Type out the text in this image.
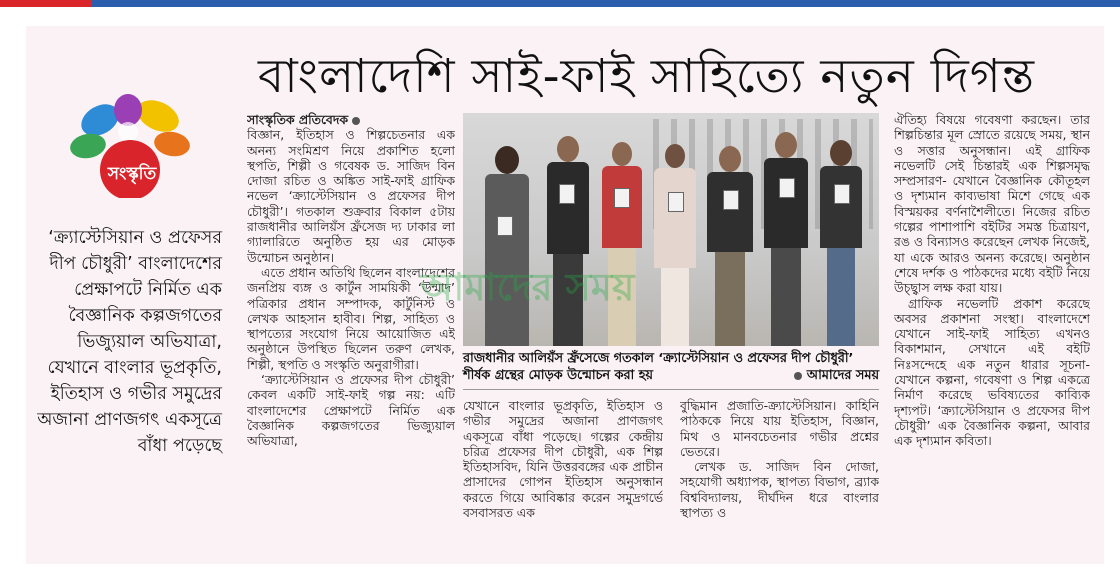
বাংলাদেশি সাই-ফাই সাহিত্যে নতুন দিগন্ত
সংস্কৃতি
‘ক্র্যাস্টেসিয়ান ও প্রফেসর দীপ চৌধুরী’ বাংলাদেশের প্রেক্ষাপটে নির্মিত এক বৈজ্ঞানিক কল্পজগতের ভিজ্যুয়াল অভিযাত্রা, যেখানে বাংলার ভূপ্রকৃতি, ইতিহাস ও গভীর সমুদ্রের অজানা প্রাণজগৎ একসূত্রে বাঁধা পড়েছে
সাংস্কৃতিক প্রতিবেদক

বিজ্ঞান, ইতিহাস ও শিল্পচেতনার এক অনন্য সংমিশ্রণ নিয়ে প্রকাশিত হলো স্থপতি, শিল্পী ও গবেষক ড. সাজিদ বিন দোজা রচিত ও অঙ্কিত সাই-ফাই গ্রাফিক নভেল ‘ক্র্যাস্টেসিয়ান ও প্রফেসর দীপ চৌধুরী’। গতকাল শুক্রবার বিকাল ৫টায় রাজধানীর আলিয়ঁস ফ্রঁসেজ দ্য ঢাকার লা গ্যালারিতে অনুষ্ঠিত হয় এর মোড়ক উন্মোচন অনুষ্ঠান।

এতে প্রধান অতিথি ছিলেন বাংলাদেশের জনপ্রিয় ব্যঙ্গ ও কার্টুন সাময়িকী ‘উন্মাদ’ পত্রিকার প্রধান সম্পাদক, কার্টুনিস্ট ও লেখক আহসান হাবীব। শিল্প, সাহিত্য ও স্থাপত্যের সংযোগ নিয়ে আয়োজিত এই অনুষ্ঠানে উপস্থিত ছিলেন তরুণ লেখক, শিল্পী, স্থপতি ও সংস্কৃতি অনুরাগীরা।

‘ক্র্যাস্টেসিয়ান ও প্রফেসর দীপ চৌধুরী’ কেবল একটি সাই-ফাই গল্প নয়: এটি বাংলাদেশের প্রেক্ষাপটে নির্মিত এক বৈজ্ঞানিক কল্পজগতের ভিজ্যুয়াল অভিযাত্রা,

আমাদের সময়
রাজধানীর আলিয়ঁস ফ্রঁসেজে গতকাল ‘ক্র্যাস্টেসিয়ান ও প্রফেসর দীপ চৌধুরী’ শীর্ষক গ্রন্থের মোড়ক উন্মোচন করা হয়	আমাদের সময়

যেখানে বাংলার ভূপ্রকৃতি, ইতিহাস ও গভীর সমুদ্রের অজানা প্রাণজগৎ একসূত্রে বাঁধা পড়েছে। গল্পের কেন্দ্রীয় চরিত্র প্রফেসর দীপ চৌধুরী, এক শিল্প ইতিহাসবিদ, যিনি উত্তরবঙ্গের এক প্রাচীন প্রাসাদের গোপন ইতিহাস অনুসন্ধান করতে গিয়ে আবিষ্কার করেন সমুদ্রগর্ভে বসবাসরত এক

বুদ্ধিমান প্রজাতি-ক্র্যাস্টেসিয়ান। কাহিনি পাঠককে নিয়ে যায় ইতিহাস, বিজ্ঞান, মিথ ও মানবচেতনার গভীর প্রশ্নের ভেতরে।

লেখক ড. সাজিদ বিন দোজা, সহযোগী অধ্যাপক, স্থাপত্য বিভাগ, ব্র্যাক বিশ্ববিদ্যালয়, দীর্ঘদিন ধরে বাংলার স্থাপত্য ও

ঐতিহ্য বিষয়ে গবেষণা করছেন। তার শিল্পচিন্তার মূল স্রোতে রয়েছে সময়, স্থান ও সত্তার অনুসন্ধান। এই গ্রাফিক নভেলটি সেই চিন্তারই এক শিল্পসমৃদ্ধ সম্প্রসারণ- যেখানে বৈজ্ঞানিক কৌতূহল ও দৃশ্যমান কাব্যভাষা মিশে গেছে এক বিস্ময়কর বর্ণনাশৈলীতে। নিজের রচিত গল্পের পাশাপাশি বইটির সমস্ত চিত্রায়ণ, রঙ ও বিন্যাসও করেছেন লেখক নিজেই, যা একে আরও অনন্য করেছে। অনুষ্ঠান শেষে দর্শক ও পাঠকদের মধ্যে বইটি নিয়ে উচ্ছ্বাস লক্ষ করা যায়।

গ্রাফিক নভেলটি প্রকাশ করেছে অবসর প্রকাশনা সংস্থা। বাংলাদেশে যেখানে সাই-ফাই সাহিত্য এখনও বিকাশমান, সেখানে এই বইটি নিঃসন্দেহে এক নতুন ধারার সূচনা- যেখানে কল্পনা, গবেষণা ও শিল্প একত্রে নির্মাণ করেছে ভবিষ্যতের কাব্যিক দৃশ্যপট। ‘ক্র্যাস্টেসিয়ান ও প্রফেসর দীপ চৌধুরী’ এক বৈজ্ঞানিক কল্পনা, আবার এক দৃশ্যমান কবিতা।
